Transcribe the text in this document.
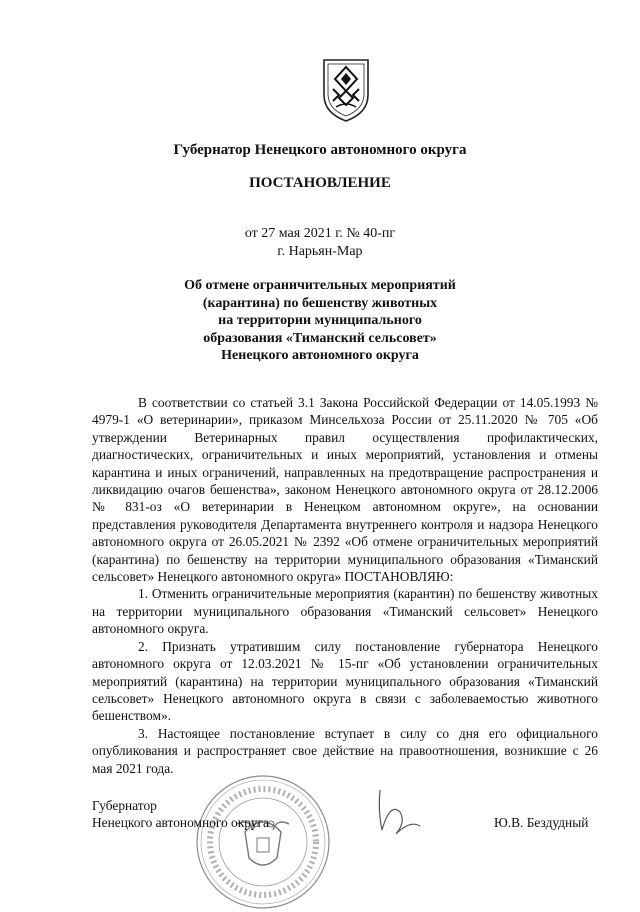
Губернатор Ненецкого автономного округа
ПОСТАНОВЛЕНИЕ
от 27 мая 2021 г. № 40-пг
г. Нарьян-Мар
Об отмене ограничительных мероприятий
(карантина) по бешенству животных
на территории муниципального
образования «Тиманский сельсовет»
Ненецкого автономного округа

В соответствии со статьей 3.1 Закона Российской Федерации от 14.05.1993 № 4979-1 «О ветеринарии», приказом Минсельхоза России от 25.11.2020 № 705 «Об утверждении Ветеринарных правил осуществления профилактических, диагностических, ограничительных и иных мероприятий, установления и отмены карантина и иных ограничений, направленных на предотвращение распространения и ликвидацию очагов бешенства», законом Ненецкого автономного округа от 28.12.2006 № 831-оз «О ветеринарии в Ненецком автономном округе», на основании представления руководителя Департамента внутреннего контроля и надзора Ненецкого автономного округа от 26.05.2021 № 2392 «Об отмене ограничительных мероприятий (карантина) по бешенству на территории муниципального образования «Тиманский сельсовет» Ненецкого автономного округа» ПОСТАНОВЛЯЮ:

1. Отменить ограничительные мероприятия (карантин) по бешенству животных на территории муниципального образования «Тиманский сельсовет» Ненецкого автономного округа.

2. Признать утратившим силу постановление губернатора Ненецкого автономного округа от 12.03.2021 № 15-пг «Об установлении ограничительных мероприятий (карантина) на территории муниципального образования «Тиманский сельсовет» Ненецкого автономного округа в связи с заболеваемостью животного бешенством».

3. Настоящее постановление вступает в силу со дня его официального опубликования и распространяет свое действие на правоотношения, возникшие с 26 мая 2021 года.

Губернатор
Ненецкого автономного округа	Ю.В. Бездудный
